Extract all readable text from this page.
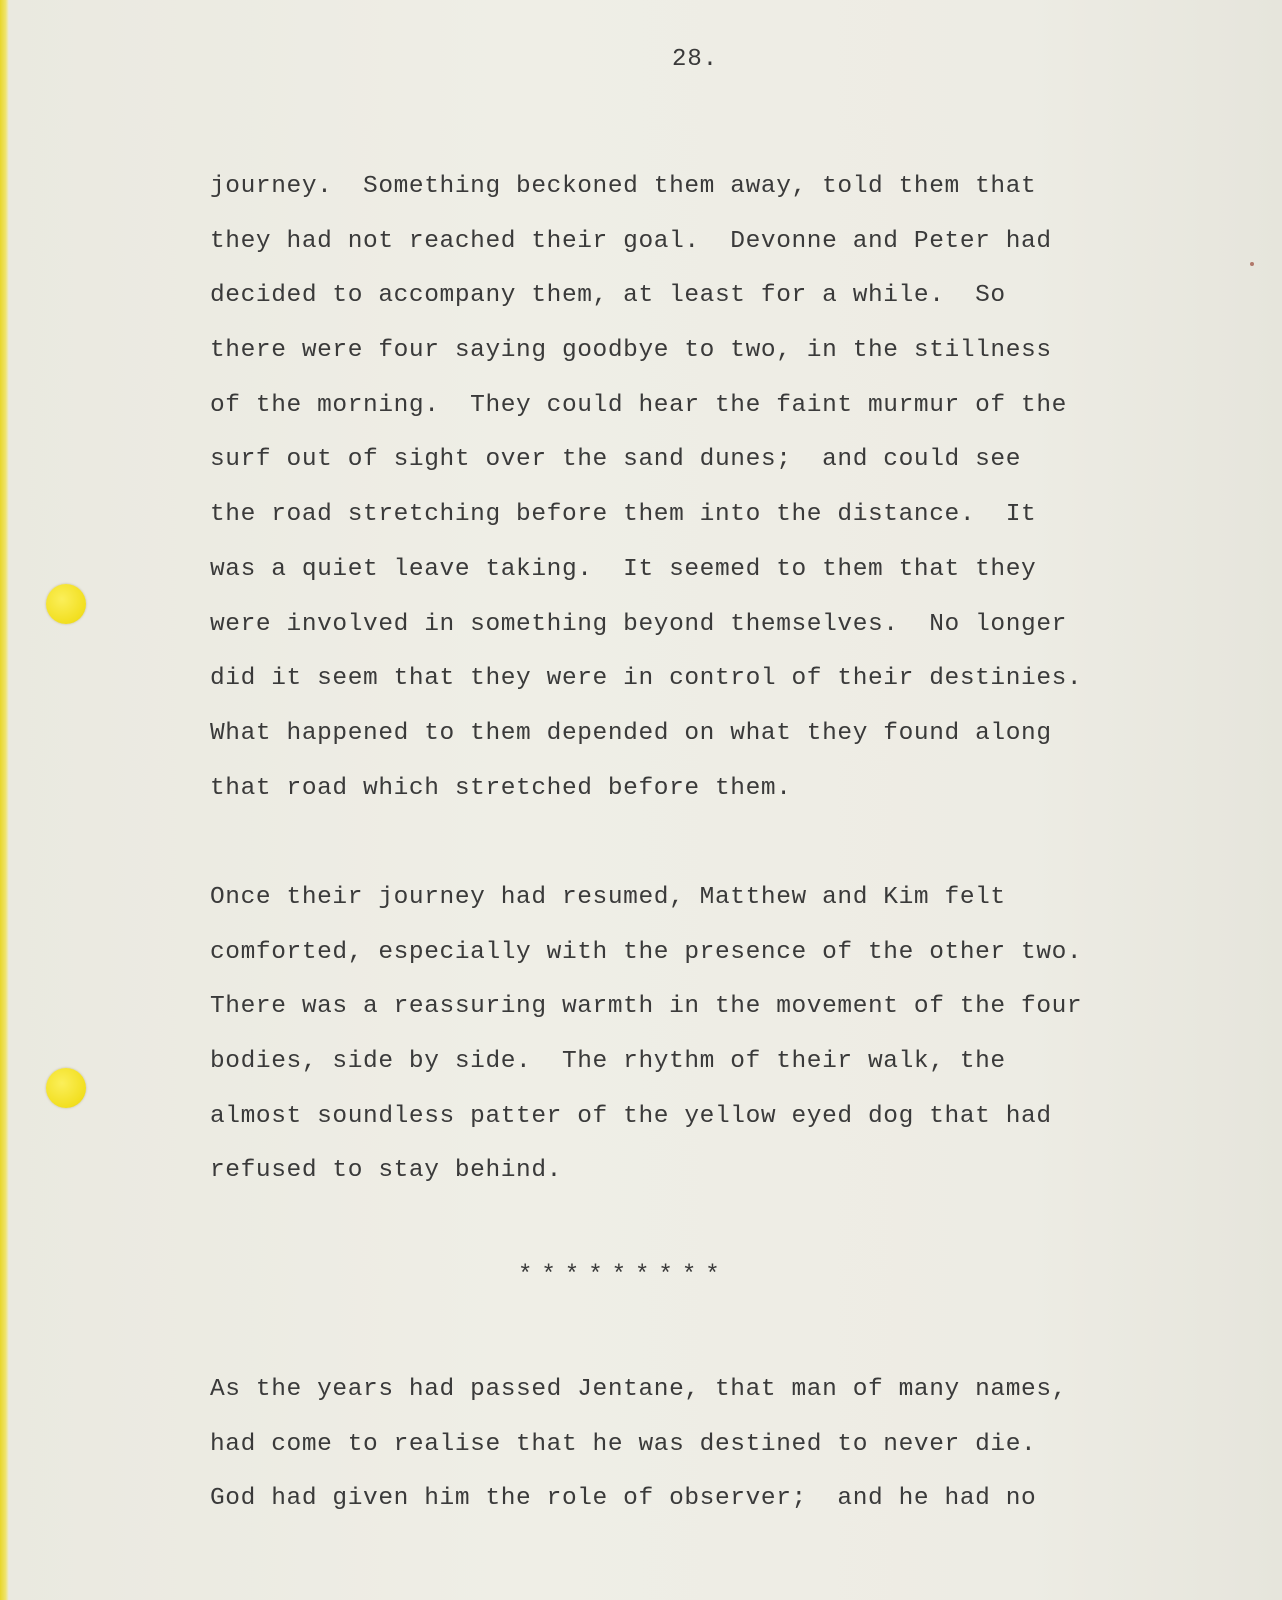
28.
journey.  Something beckoned them away, told them that
they had not reached their goal.  Devonne and Peter had
decided to accompany them, at least for a while.  So
there were four saying goodbye to two, in the stillness
of the morning.  They could hear the faint murmur of the
surf out of sight over the sand dunes;  and could see
the road stretching before them into the distance.  It
was a quiet leave taking.  It seemed to them that they
were involved in something beyond themselves.  No longer
did it seem that they were in control of their destinies.
What happened to them depended on what they found along
that road which stretched before them.
Once their journey had resumed, Matthew and Kim felt
comforted, especially with the presence of the other two.
There was a reassuring warmth in the movement of the four
bodies, side by side.  The rhythm of their walk, the
almost soundless patter of the yellow eyed dog that had
refused to stay behind.
*********
As the years had passed Jentane, that man of many names,
had come to realise that he was destined to never die.
God had given him the role of observer;  and he had no
